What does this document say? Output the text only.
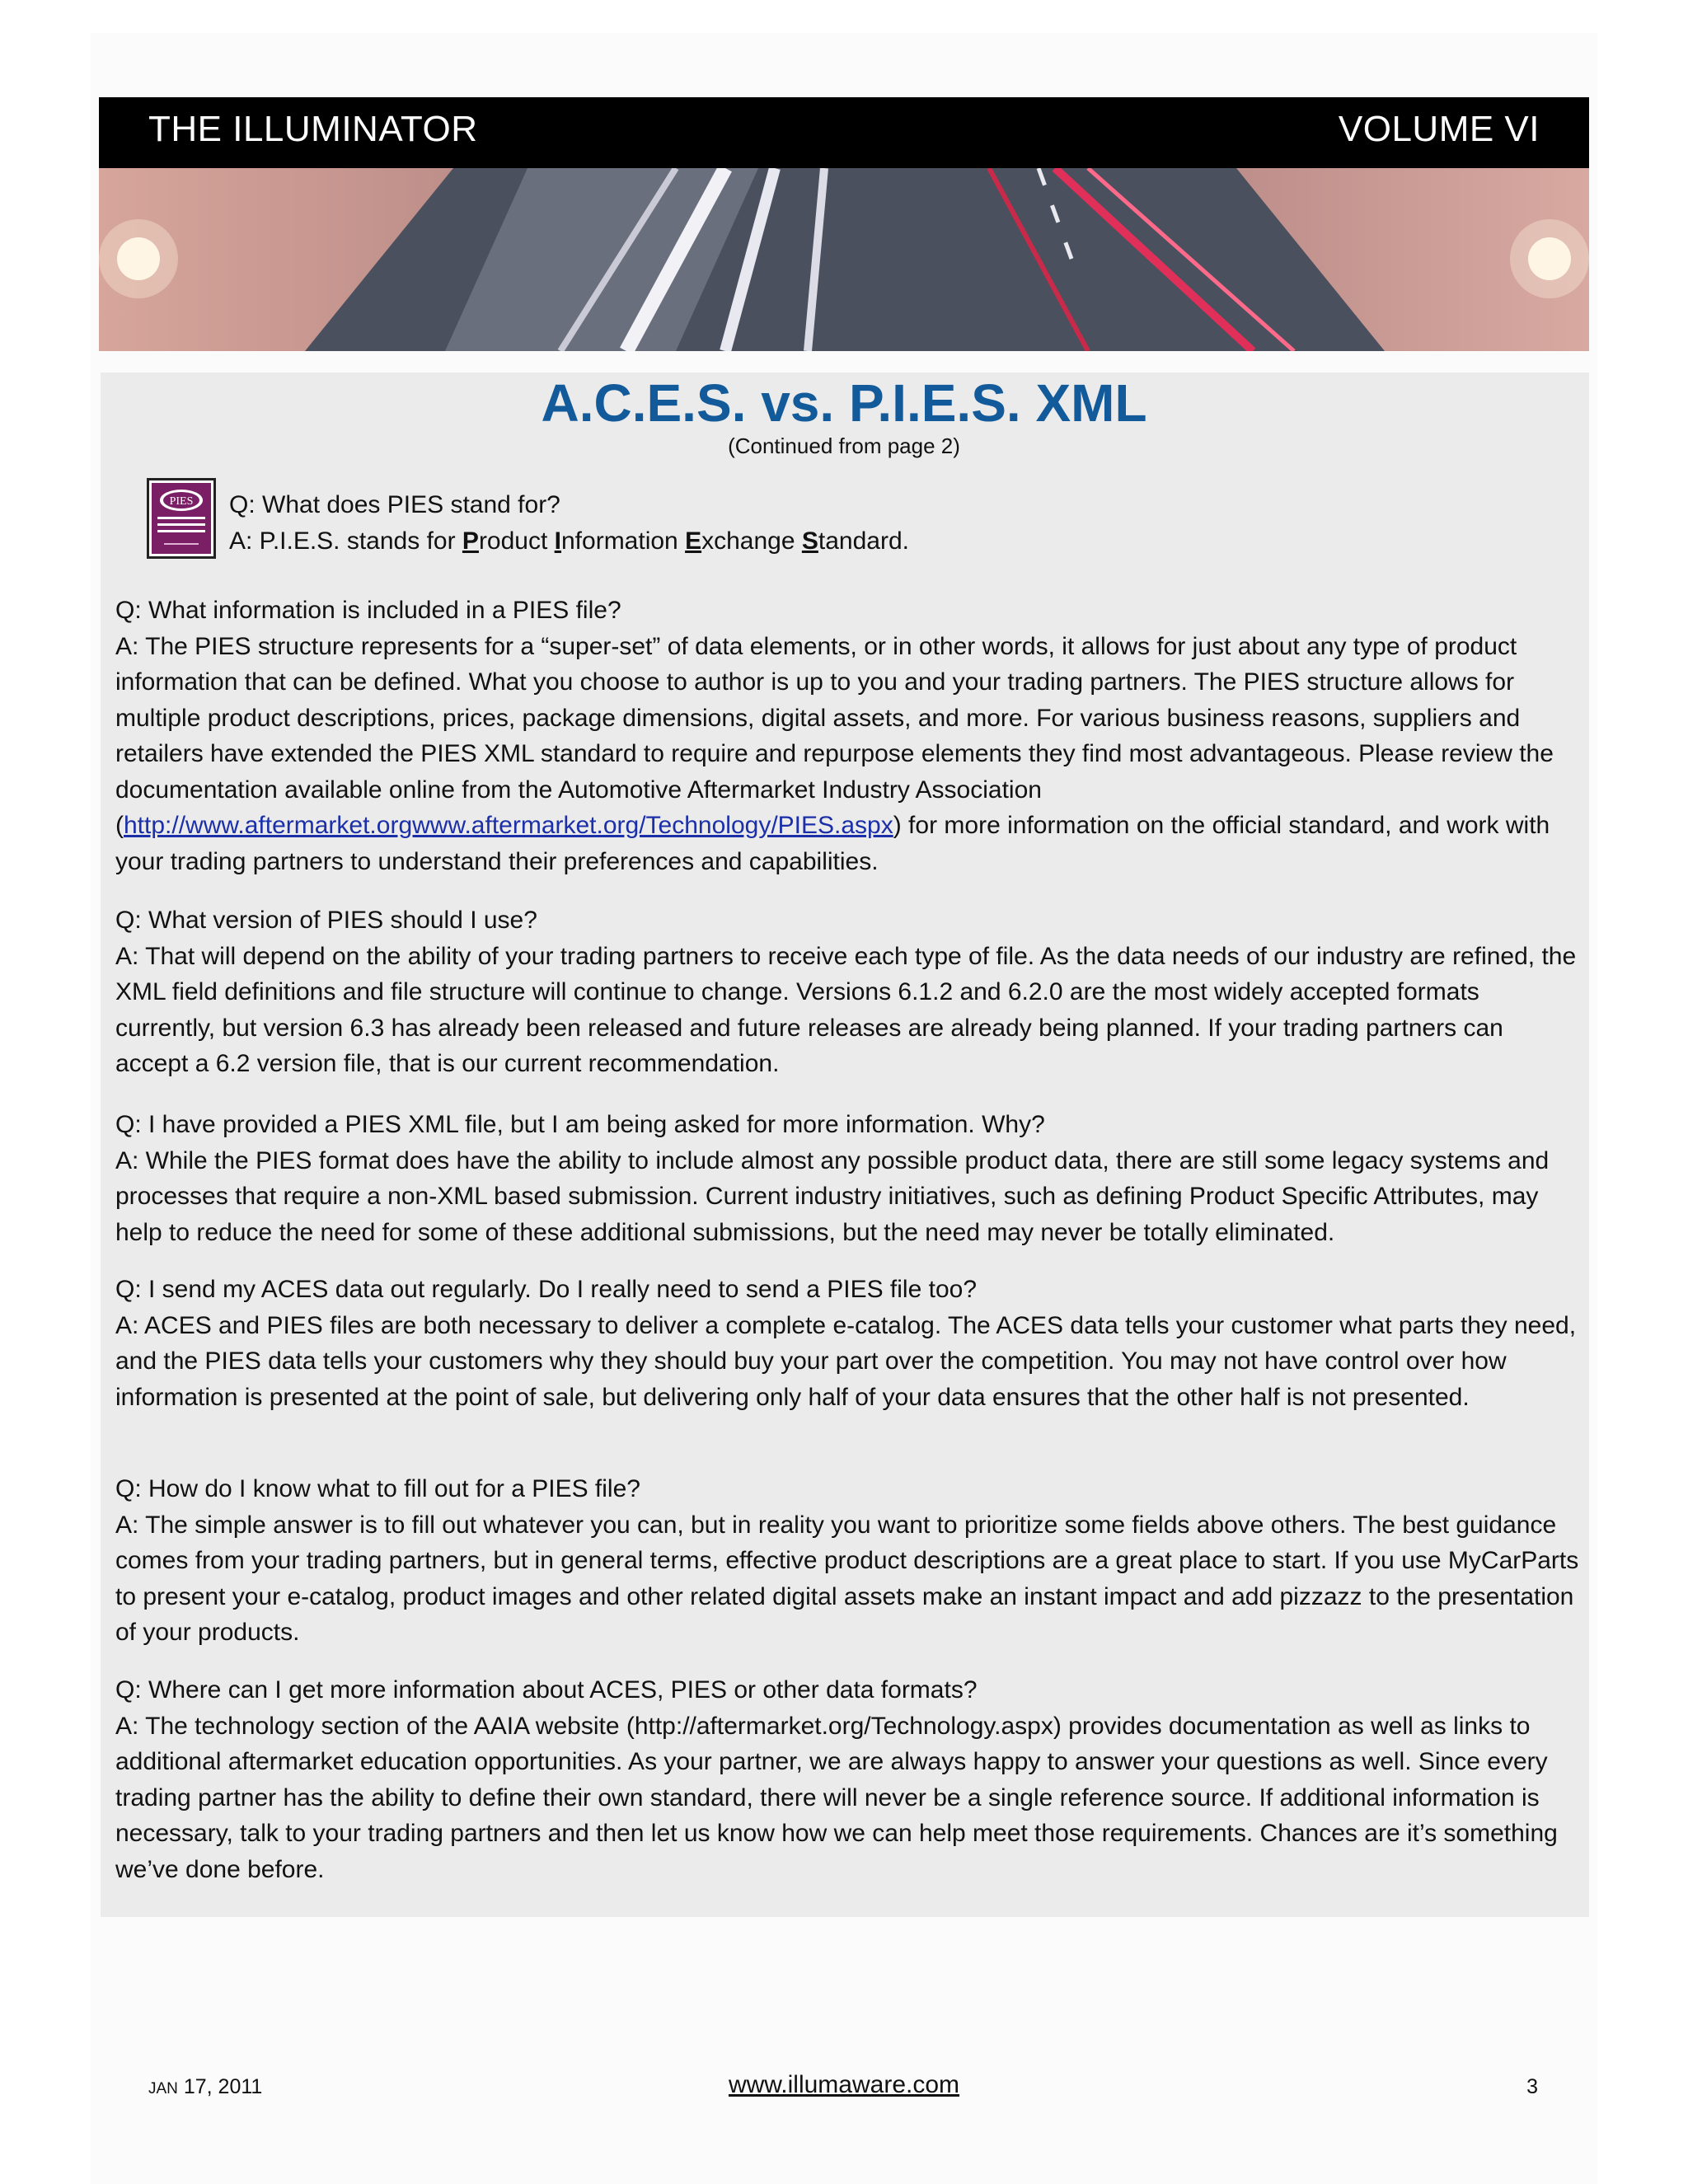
THE ILLUMINATOR	VOLUME VI
A.C.E.S. vs. P.I.E.S. XML
(Continued from page 2)
PIES Q: What does PIES stand for?

A: P.I.E.S. stands for Product Information Exchange Standard.

Q: What information is included in a PIES file?

A: The PIES structure represents for a “super-set” of data elements, or in other words, it allows for just about any type of product information that can be defined. What you choose to author is up to you and your trading partners. The PIES structure allows for multiple product descriptions, prices, package dimensions, digital assets, and more. For various business reasons, suppliers and retailers have extended the PIES XML standard to require and repurpose elements they find most advantageous. Please review the documentation available online from the Automotive Aftermarket Industry Association (http://www.aftermarket.orgwww.aftermarket.org/Technology/PIES.aspx) for more information on the official standard, and work with your trading partners to understand their preferences and capabilities.

Q: What version of PIES should I use?

A: That will depend on the ability of your trading partners to receive each type of file. As the data needs of our industry are refined, the XML field definitions and file structure will continue to change. Versions 6.1.2 and 6.2.0 are the most widely accepted formats currently, but version 6.3 has already been released and future releases are already being planned. If your trading partners can accept a 6.2 version file, that is our current recommendation.

Q: I have provided a PIES XML file, but I am being asked for more information. Why?

A: While the PIES format does have the ability to include almost any possible product data, there are still some legacy systems and processes that require a non-XML based submission. Current industry initiatives, such as defining Product Specific Attributes, may help to reduce the need for some of these additional submissions, but the need may never be totally eliminated.

Q: I send my ACES data out regularly. Do I really need to send a PIES file too?

A: ACES and PIES files are both necessary to deliver a complete e-catalog. The ACES data tells your customer what parts they need, and the PIES data tells your customers why they should buy your part over the competition. You may not have control over how information is presented at the point of sale, but delivering only half of your data ensures that the other half is not presented.

Q: How do I know what to fill out for a PIES file?

A: The simple answer is to fill out whatever you can, but in reality you want to prioritize some fields above others. The best guidance comes from your trading partners, but in general terms, effective product descriptions are a great place to start. If you use MyCarParts to present your e-catalog, product images and other related digital assets make an instant impact and add pizzazz to the presentation of your products.

Q: Where can I get more information about ACES, PIES or other data formats?

A: The technology section of the AAIA website (http://aftermarket.org/Technology.aspx) provides documentation as well as links to additional aftermarket education opportunities. As your partner, we are always happy to answer your questions as well. Since every trading partner has the ability to define their own standard, there will never be a single reference source. If additional information is necessary, talk to your trading partners and then let us know how we can help meet those requirements. Chances are it’s something we’ve done before.

JAN 17, 2011	www.illumaware.com	3
